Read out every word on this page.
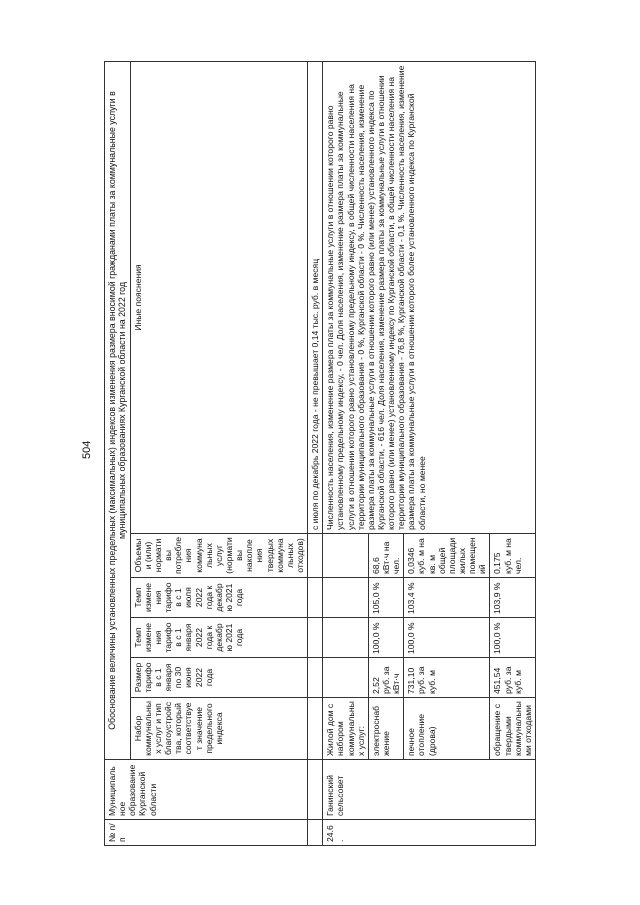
504
№ п/п	Муниципальное образование Курганской области	Обоснование величины установленных предельных (максимальных) индексов изменения размера вносимой гражданами платы за коммунальные услуги в муниципальных образованиях Курганской области на 2022 год					
		Набор коммунальных услуг и тип благоустройства, который соответствует значение предельного индекса	Размер тарифов с 1 января по 30 июня 2022 года	Темп изменения тарифов с 1 января 2022 года к декабрю 2021 года	Темп изменения тарифов с 1 июля 2022 года к декабрю 2021 года	Объемы и (или) нормативы потребления коммунальных услуг (нормативы накопления твердых коммунальных отходов)	Иные пояснения
							с июля по декабрь 2022 года - не превышает 0,14 тыс. руб. в месяц
24.6.	Ганинский сельсовет	Жилой дом с набором коммунальных услуг:					Численность населения, изменение размера платы за коммунальные услуги в отношении которого равно установленному предельному индексу, - 0 чел. Доля населения, изменение размера платы за коммунальные услуги в отношении которого равно установленному предельному индексу, в общей численности населения на территории муниципального образования - 0 %, Курганской области - 0 %. Численность населения, изменение размера платы за коммунальные услуги в отношении которого равно (или менее) установленного индекса по Курганской области, - 616 чел. Доля населения, изменение размера платы за коммунальные услуги в отношении которого равно (или менее) установленному индексу по Курганской области, в общей численности населения на территории муниципального образования - 76,8 %, Курганской области - 0,1 %. Численность населения, изменение размера платы за коммунальные услуги в отношении которого более установленного индекса по Курганской области, но менее
		электроснабжение	2,52 руб. за кВт·ч	100,0 %	105,0 %	68,6 кВт·ч на чел.	
		печное отопление (дрова)	731,10 руб. за куб. м	100,0 %	103,4 %	0,0346 куб. м на кв. м общей площади жилых помещений	
		обращение с твердыми коммунальными отходами	451,54 руб. за куб. м	100,0 %	103,9 %	0,175 куб. м на чел.	
